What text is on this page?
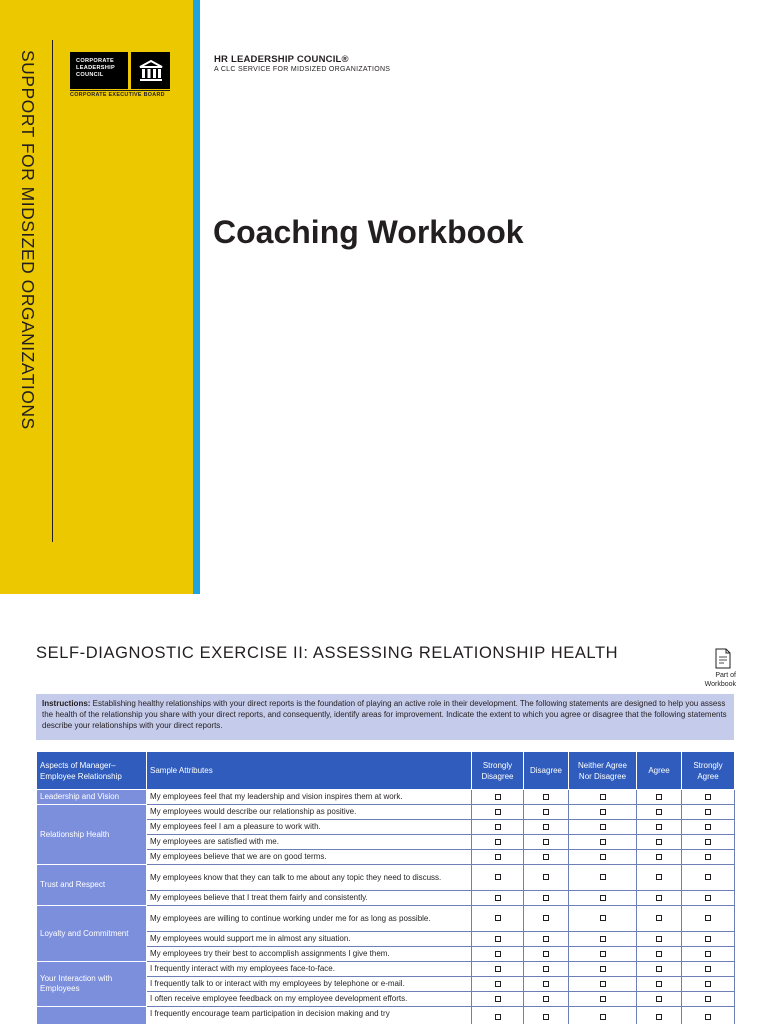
SUPPORT FOR MIDSIZED ORGANIZATIONS	CORPORATE
LEADERSHIP
COUNCIL
CORPORATE EXECUTIVE BOARD
HR LEADERSHIP COUNCIL®
A CLC SERVICE FOR MIDSIZED ORGANIZATIONS
Coaching Workbook
SELF-DIAGNOSTIC EXERCISE II: ASSESSING RELATIONSHIP HEALTH
Part of
Workbook
Instructions: Establishing healthy relationships with your direct reports is the foundation of playing an active role in their development. The following statements are designed to help you assess the health of the relationship you share with your direct reports, and consequently, identify areas for improvement. Indicate the extent to which you agree or disagree that the following statements describe your relationships with your direct reports.
Aspects of Manager–Employee Relationship	Sample Attributes	Strongly Disagree	Disagree	Neither Agree Nor Disagree	Agree	Strongly Agree
Leadership and Vision	My employees feel that my leadership and vision inspires them at work.					
Relationship Health	My employees would describe our relationship as positive.					
	My employees feel I am a pleasure to work with.					
	My employees are satisfied with me.					
	My employees believe that we are on good terms.					
Trust and Respect	My employees know that they can talk to me about any topic they need to discuss.					
	My employees believe that I treat them fairly and consistently.					
Loyalty and Commitment	My employees are willing to continue working under me for as long as possible.					
	My employees would support me in almost any situation.					
	My employees try their best to accomplish assignments I give them.					
Your Interaction with Employees	I frequently interact with my employees face-to-face.					
	I frequently talk to or interact with my employees by telephone or e-mail.					
	I often receive employee feedback on my employee development efforts.					
	I frequently encourage team participation in decision making and try					
